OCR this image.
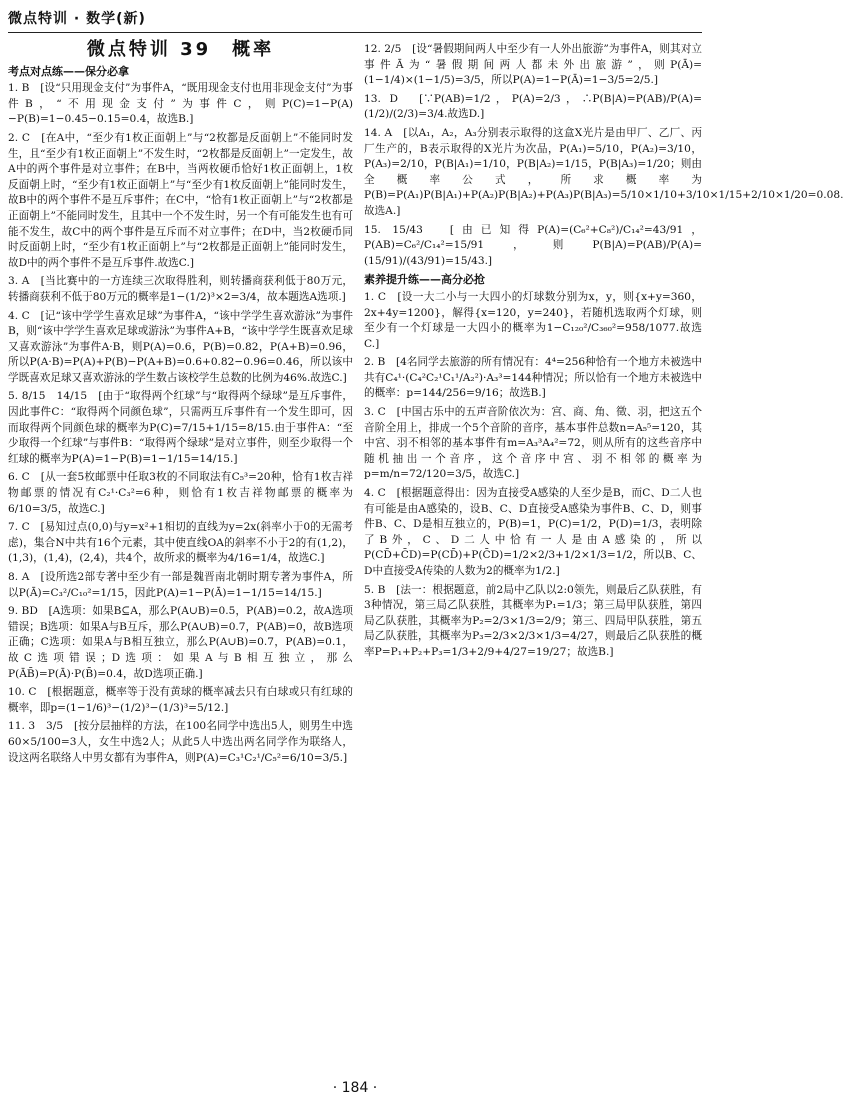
微点特训 · 数学(新)
微点特训 39　概率
考点对点练——保分必拿
1. B　[设“只用现金支付”为事件A，“既用现金支付也用非现金支付”为事件B，“不用现金支付”为事件C，则P(C)=1−P(A)−P(B)=1−0.45−0.15=0.4，故选B.]
2. C　[在A中，“至少有1枚正面朝上”与“2枚都是反面朝上”不能同时发生，且“至少有1枚正面朝上”不发生时，“2枚都是反面朝上”一定发生，故A中的两个事件是对立事件；在B中，当两枚硬币恰好1枚正面朝上，1枚反面朝上时，“至少有1枚正面朝上”与“至少有1枚反面朝上”能同时发生，故B中的两个事件不是互斥事件；在C中，“恰有1枚正面朝上”与“2枚都是正面朝上”不能同时发生，且其中一个不发生时，另一个有可能发生也有可能不发生，故C中的两个事件是互斥而不对立事件；在D中，当2枚硬币同时反面朝上时，“至少有1枚正面朝上”与“2枚都是正面朝上”能同时发生，故D中的两个事件不是互斥事件.故选C.]
3. A　[当比赛中的一方连续三次取得胜利，则转播商获利低于80万元，转播商获利不低于80万元的概率是1−(1/2)³×2=3/4，故本题选A选项.]
4. C　[记“该中学学生喜欢足球”为事件A，“该中学学生喜欢游泳”为事件B，则“该中学学生喜欢足球或游泳”为事件A+B，“该中学学生既喜欢足球又喜欢游泳”为事件A·B，则P(A)=0.6，P(B)=0.82，P(A+B)=0.96，所以P(A·B)=P(A)+P(B)−P(A+B)=0.6+0.82−0.96=0.46，所以该中学既喜欢足球又喜欢游泳的学生数占该校学生总数的比例为46%.故选C.]
5. 8/15　14/15　[由于“取得两个红球”与“取得两个绿球”是互斥事件，因此事件C：“取得两个同颜色球”，只需两互斥事件有一个发生即可，因而取得两个同颜色球的概率为P(C)=7/15+1/15=8/15.由于事件A：“至少取得一个红球”与事件B：“取得两个绿球”是对立事件，则至少取得一个红球的概率为P(A)=1−P(B)=1−1/15=14/15.]
6. C　[从一套5枚邮票中任取3枚的不同取法有C₅³=20种，恰有1枚吉祥物邮票的情况有C₂¹·C₃²=6种，则恰有1枚吉祥物邮票的概率为6/10=3/5，故选C.]
7. C　[易知过点(0,0)与y=x²+1相切的直线为y=2x(斜率小于0的无需考虑)，集合N中共有16个元素，其中使直线OA的斜率不小于2的有(1,2)，(1,3)，(1,4)，(2,4)，共4个，故所求的概率为4/16=1/4，故选C.]
8. A　[设所选2部专著中至少有一部是魏晋南北朝时期专著为事件A，所以P(Ā)=C₃²/C₁₀²=1/15，因此P(A)=1−P(Ā)=1−1/15=14/15.]
9. BD　[A选项：如果B⊆A，那么P(A∪B)=0.5，P(AB)=0.2，故A选项错误；B选项：如果A与B互斥，那么P(A∪B)=0.7，P(AB)=0，故B选项正确；C选项：如果A与B相互独立，那么P(A∪B)=0.7，P(AB)=0.1，故C选项错误；D选项：如果A与B相互独立，那么P(ĀB̄)=P(Ā)·P(B̄)=0.4，故D选项正确.]
10. C　[根据题意，概率等于没有黄球的概率减去只有白球或只有红球的概率，即p=(1−1/6)³−(1/2)³−(1/3)³=5/12.]
11. 3　3/5　[按分层抽样的方法，在100名同学中选出5人，则男生中选60×5/100=3人，女生中选2人；从此5人中选出两名同学作为联络人，设这两名联络人中男女都有为事件A，则P(A)=C₃¹C₂¹/C₅²=6/10=3/5.]
12. 2/5　[设“暑假期间两人中至少有一人外出旅游”为事件A，则其对立事件Ā为“暑假期间两人都未外出旅游”，则P(Ā)=(1−1/4)×(1−1/5)=3/5，所以P(A)=1−P(Ā)=1−3/5=2/5.]
13. D　[∵P(AB)=1/2，P(A)=2/3，∴P(B|A)=P(AB)/P(A)=(1/2)/(2/3)=3/4.故选D.]
14. A　[以A₁，A₂，A₃分别表示取得的这盒X光片是由甲厂、乙厂、丙厂生产的，B表示取得的X光片为次品，P(A₁)=5/10，P(A₂)=3/10，P(A₃)=2/10，P(B|A₁)=1/10，P(B|A₂)=1/15，P(B|A₃)=1/20；则由全概率公式，所求概率为P(B)=P(A₁)P(B|A₁)+P(A₂)P(B|A₂)+P(A₃)P(B|A₃)=5/10×1/10+3/10×1/15+2/10×1/20=0.08.故选A.]
15. 15/43　[由已知得P(A)=(C₆²+C₈²)/C₁₄²=43/91，P(AB)=C₆²/C₁₄²=15/91，则P(B|A)=P(AB)/P(A)=(15/91)/(43/91)=15/43.]
素养提升练——高分必抢
1. C　[设一大二小与一大四小的灯球数分别为x，y，则{x+y=360，2x+4y=1200}，解得{x=120，y=240}，若随机选取两个灯球，则至少有一个灯球是一大四小的概率为1−C₁₂₀²/C₃₆₀²=958/1077.故选C.]
2. B　[4名同学去旅游的所有情况有：4⁴=256种恰有一个地方未被选中共有C₄¹·(C₄²C₂¹C₁¹/A₂²)·A₃³=144种情况；所以恰有一个地方未被选中的概率：p=144/256=9/16；故选B.]
3. C　[中国古乐中的五声音阶依次为：宫、商、角、徵、羽，把这五个音阶全用上，排成一个5个音阶的音序，基本事件总数n=A₅⁵=120，其中宫、羽不相邻的基本事件有m=A₃³A₄²=72，则从所有的这些音序中随机抽出一个音序，这个音序中宫、羽不相邻的概率为p=m/n=72/120=3/5，故选C.]
4. C　[根据题意得出：因为直接受A感染的人至少是B，而C、D二人也有可能是由A感染的，设B、C、D直接受A感染为事件B、C、D，则事件B、C、D是相互独立的，P(B)=1，P(C)=1/2，P(D)=1/3，表明除了B外，C、D二人中恰有一人是由A感染的，所以P(CD̄+C̄D)=P(CD̄)+P(C̄D)=1/2×2/3+1/2×1/3=1/2，所以B、C、D中直接受A传染的人数为2的概率为1/2.]
5. B　[法一：根据题意，前2局中乙队以2:0领先，则最后乙队获胜，有3种情况，第三局乙队获胜，其概率为P₁=1/3；第三局甲队获胜，第四局乙队获胜，其概率为P₂=2/3×1/3=2/9；第三、四局甲队获胜，第五局乙队获胜，其概率为P₃=2/3×2/3×1/3=4/27，则最后乙队获胜的概率P=P₁+P₂+P₃=1/3+2/9+4/27=19/27；故选B.]
· 184 ·
